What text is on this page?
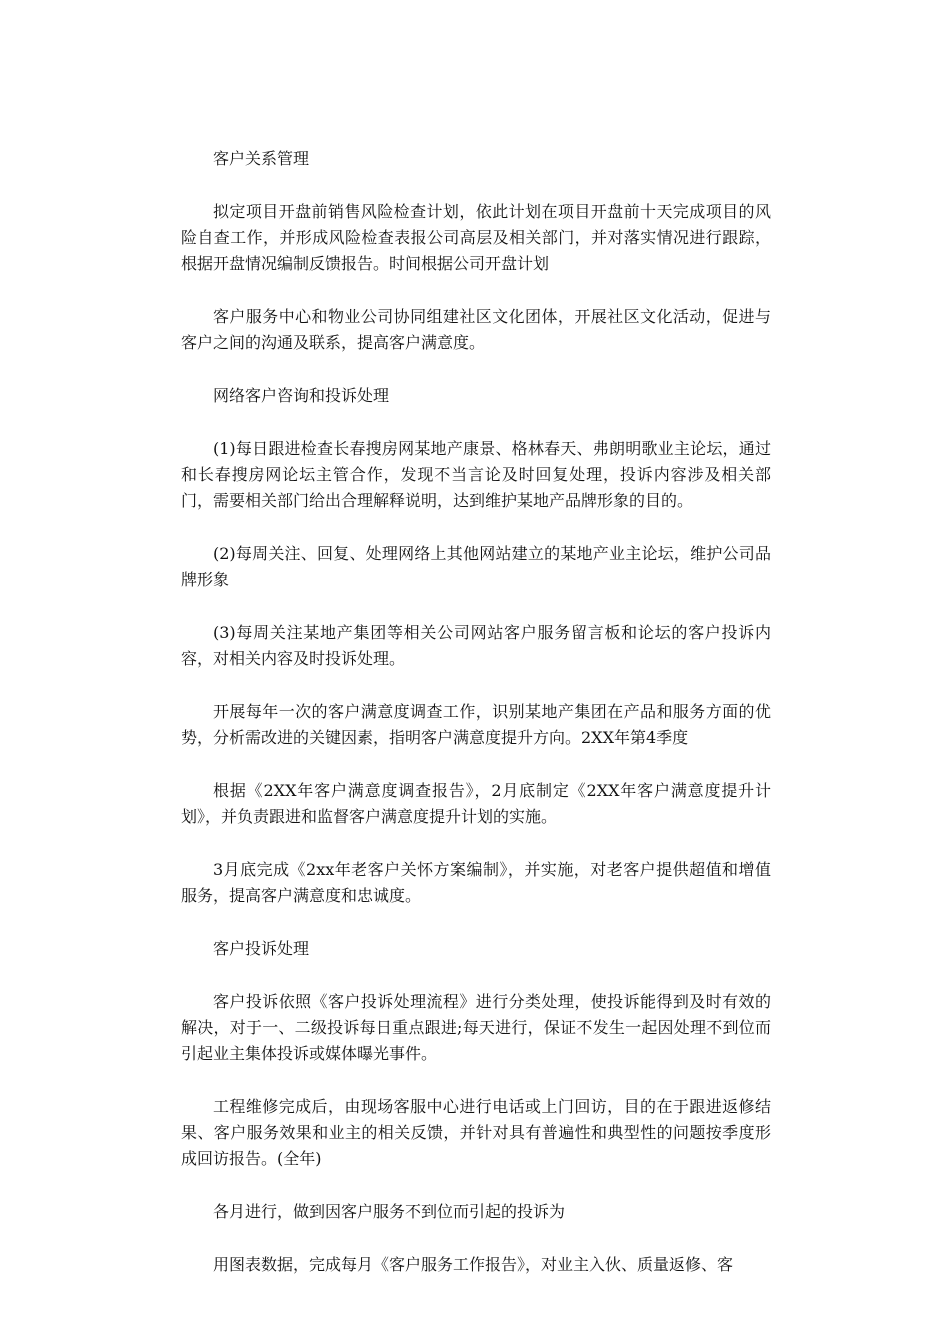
客户关系管理

拟定项目开盘前销售风险检查计划，依此计划在项目开盘前十天完成项目的风险自查工作，并形成风险检查表报公司高层及相关部门，并对落实情况进行跟踪，根据开盘情况编制反馈报告。时间根据公司开盘计划

客户服务中心和物业公司协同组建社区文化团体，开展社区文化活动，促进与客户之间的沟通及联系，提高客户满意度。

网络客户咨询和投诉处理

(1)每日跟进检查长春搜房网某地产康景、格林春天、弗朗明歌业主论坛，通过和长春搜房网论坛主管合作，发现不当言论及时回复处理，投诉内容涉及相关部门，需要相关部门给出合理解释说明，达到维护某地产品牌形象的目的。

(2)每周关注、回复、处理网络上其他网站建立的某地产业主论坛，维护公司品牌形象

(3)每周关注某地产集团等相关公司网站客户服务留言板和论坛的客户投诉内容，对相关内容及时投诉处理。

开展每年一次的客户满意度调查工作，识别某地产集团在产品和服务方面的优势，分析需改进的关键因素，指明客户满意度提升方向。2XX年第4季度

根据《2XX年客户满意度调查报告》，2月底制定《2XX年客户满意度提升计划》，并负责跟进和监督客户满意度提升计划的实施。

3月底完成《2xx年老客户关怀方案编制》，并实施，对老客户提供超值和增值服务，提高客户满意度和忠诚度。

客户投诉处理

客户投诉依照《客户投诉处理流程》进行分类处理，使投诉能得到及时有效的解决，对于一、二级投诉每日重点跟进;每天进行，保证不发生一起因处理不到位而引起业主集体投诉或媒体曝光事件。

工程维修完成后，由现场客服中心进行电话或上门回访，目的在于跟进返修结果、客户服务效果和业主的相关反馈，并针对具有普遍性和典型性的问题按季度形成回访报告。(全年)

各月进行，做到因客户服务不到位而引起的投诉为

用图表数据，完成每月《客户服务工作报告》，对业主入伙、质量返修、客
